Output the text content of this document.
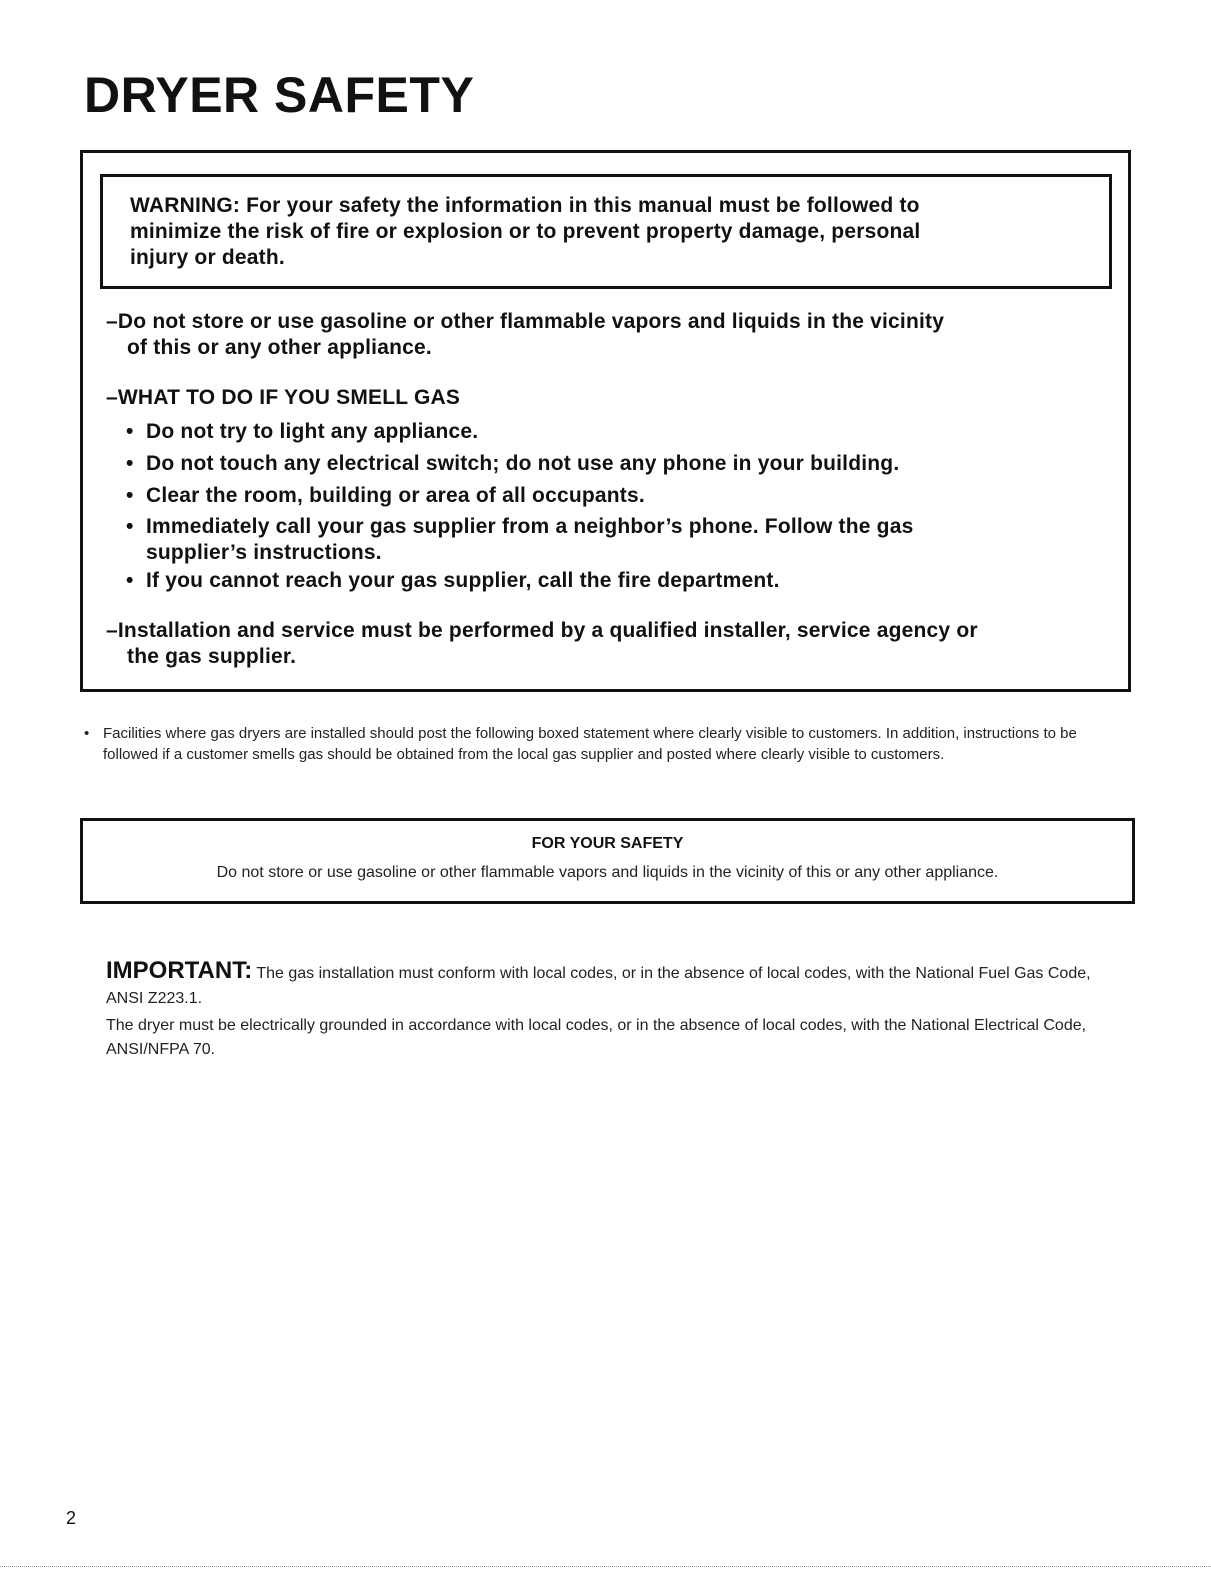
DRYER SAFETY
WARNING: For your safety the information in this manual must be followed to
minimize the risk of fire or explosion or to prevent property damage, personal
injury or death.
–Do not store or use gasoline or other flammable vapors and liquids in the vicinity
of this or any other appliance.
–WHAT TO DO IF YOU SMELL GAS
• Do not try to light any appliance.
• Do not touch any electrical switch; do not use any phone in your building.
• Clear the room, building or area of all occupants.
• Immediately call your gas supplier from a neighbor’s phone. Follow the gas
supplier’s instructions.
• If you cannot reach your gas supplier, call the fire department.
–Installation and service must be performed by a qualified installer, service agency or
the gas supplier.
• Facilities where gas dryers are installed should post the following boxed statement where clearly visible to customers. In addition, instructions to be followed if a customer smells gas should be obtained from the local gas supplier and posted where clearly visible to customers.

FOR YOUR SAFETY

Do not store or use gasoline or other flammable vapors and liquids in the vicinity of this or any other appliance.

IMPORTANT: The gas installation must conform with local codes, or in the absence of local codes, with the National Fuel Gas Code, ANSI Z223.1.

The dryer must be electrically grounded in accordance with local codes, or in the absence of local codes, with the National Electrical Code, ANSI/NFPA 70.

2
